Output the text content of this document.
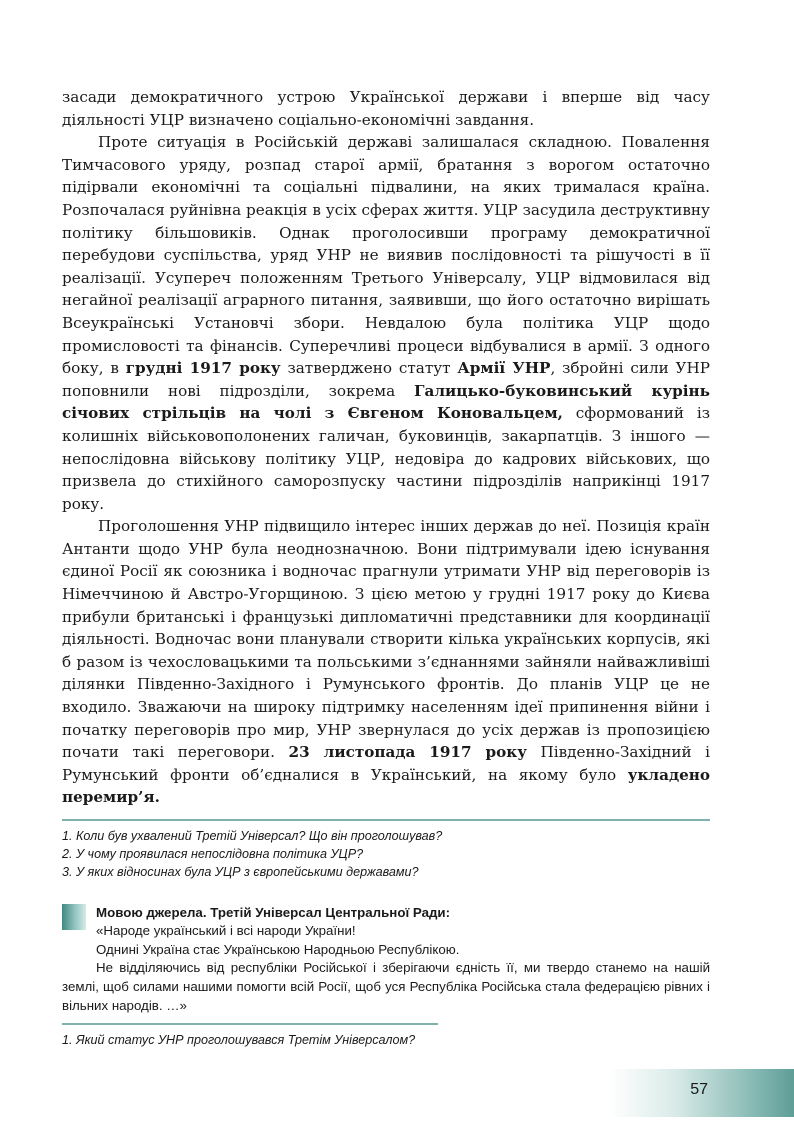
засади демократичного устрою Української держави і вперше від часу діяльності УЦР визначено соціально-економічні завдання.

Проте ситуація в Російській державі залишалася складною. Повалення Тимчасового уряду, розпад старої армії, братання з ворогом остаточно підірвали економічні та соціальні підвалини, на яких трималася країна. Розпочалася руйнівна реакція в усіх сферах життя. УЦР засудила деструктивну політику більшовиків. Однак проголосивши програму демократичної перебудови суспільства, уряд УНР не виявив послідовності та рішучості в її реалізації. Усупереч положенням Третього Універсалу, УЦР відмовилася від негайної реалізації аграрного питання, заявивши, що його остаточно вирішать Всеукраїнські Установчі збори. Невдалою була політика УЦР щодо промисловості та фінансів. Суперечливі процеси відбувалися в армії. З одного боку, в грудні 1917 року затверджено статут Армії УНР, збройні сили УНР поповнили нові підрозділи, зокрема Галицько-буковинський курінь січових стрільців на чолі з Євгеном Коновальцем, сформований із колишніх військовополонених галичан, буковинців, закарпатців. З іншого — непослідовна військову політику УЦР, недовіра до кадрових військових, що призвела до стихійного саморозпуску частини підрозділів наприкінці 1917 року.

Проголошення УНР підвищило інтерес інших держав до неї. Позиція країн Антанти щодо УНР була неоднозначною. Вони підтримували ідею існування єдиної Росії як союзника і водночас прагнули утримати УНР від переговорів із Німеччиною й Австро-Угорщиною. З цією метою у грудні 1917 року до Києва прибули британські і французькі дипломатичні представники для координації діяльності. Водночас вони планували створити кілька українських корпусів, які б разом із чехословацькими та польськими з’єднаннями зайняли найважливіші ділянки Південно-Західного і Румунського фронтів. До планів УЦР це не входило. Зважаючи на широку підтримку населенням ідеї припинення війни і початку переговорів про мир, УНР звернулася до усіх держав із пропозицією почати такі переговори. 23 листопада 1917 року Південно-Західний і Румунський фронти об’єдналися в Український, на якому було укладено перемир’я.

1. Коли був ухвалений Третій Універсал? Що він проголошував?
2. У чому проявилася непослідовна політика УЦР?
3. У яких відносинах була УЦР з європейськими державами?
Мовою джерела. Третій Універсал Центральної Ради:
«Народе український і всі народи України!
Однині Україна стає Українською Народньою Республікою.
Не відділяючись від республіки Російської і зберігаючи єдність її, ми твердо станемо на нашій землі, щоб силами нашими помогти всій Росії, щоб уся Республіка Російська стала федерацією рівних і вільних народів. …»
1. Який статус УНР проголошувався Третім Універсалом?
57
